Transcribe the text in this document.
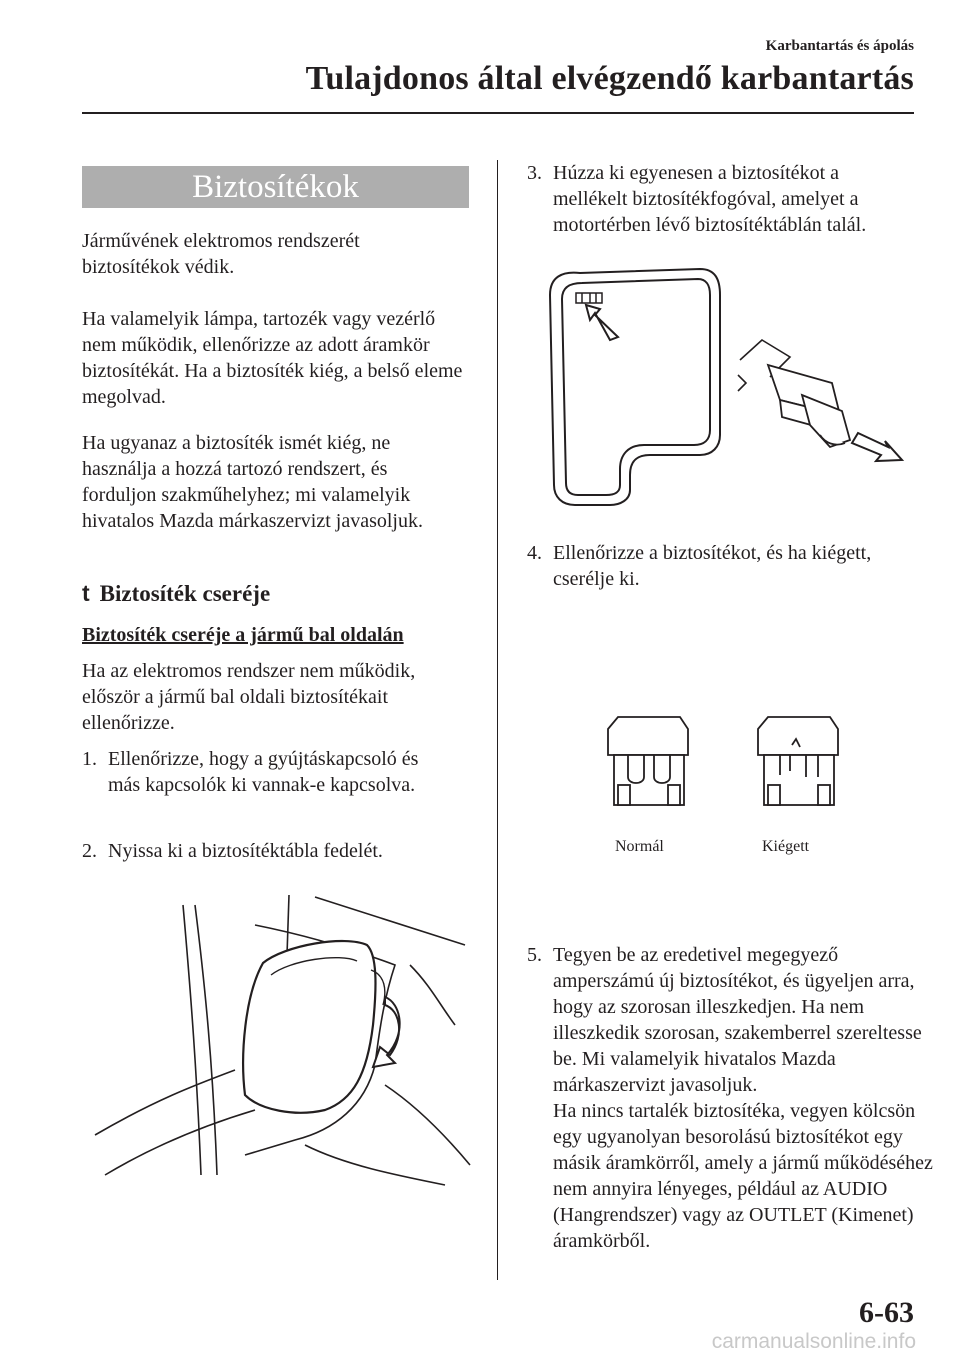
Karbantartás és ápolás
Tulajdonos által elvégzendő karbantartás
Biztosítékok

Járművének elektromos rendszerét biztosítékok védik.

Ha valamelyik lámpa, tartozék vagy vezérlő nem működik, ellenőrizze az adott áramkör biztosítékát. Ha a biztosíték kiég, a belső eleme megolvad.

Ha ugyanaz a biztosíték ismét kiég, ne használja a hozzá tartozó rendszert, és forduljon szakműhelyhez; mi valamelyik hivatalos Mazda márkaszervizt javasoljuk.

t Biztosíték cseréje
Biztosíték cseréje a jármű bal oldalán

Ha az elektromos rendszer nem működik, először a jármű bal oldali biztosítékait ellenőrizze.

1. Ellenőrizze, hogy a gyújtáskapcsoló és más kapcsolók ki vannak-e kapcsolva.
2. Nyissa ki a biztosítéktábla fedelét.
3. Húzza ki egyenesen a biztosítékot a mellékelt biztosítékfogóval, amelyet a motortérben lévő biztosítéktáblán talál.
4. Ellenőrizze a biztosítékot, és ha kiégett, cserélje ki.
Normál	Kiégett
5. Tegyen be az eredetivel megegyező amperszámú új biztosítékot, és ügyeljen arra, hogy az szorosan illeszkedjen. Ha nem illeszkedik szorosan, szakemberrel szereltesse be. Mi valamelyik hivatalos Mazda márkaszervizt javasoljuk.
Ha nincs tartalék biztosítéka, vegyen kölcsön egy ugyanolyan besorolású biztosítékot egy másik áramkörről, amely a jármű működéséhez nem annyira lényeges, például az AUDIO (Hangrendszer) vagy az OUTLET (Kimenet) áramkörből.
6-63
carmanualsonline.info
